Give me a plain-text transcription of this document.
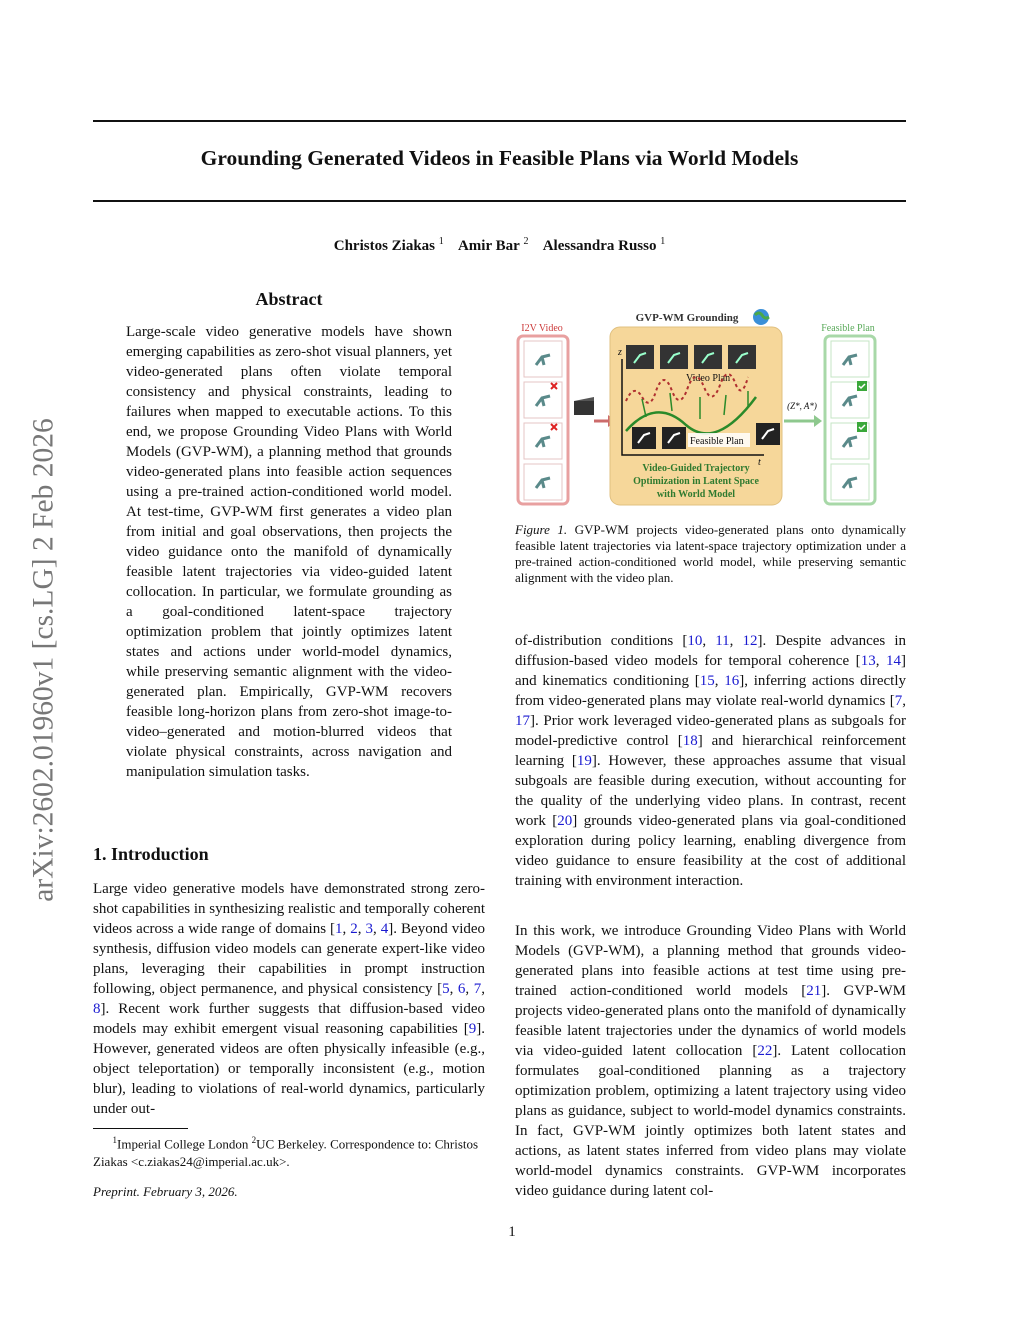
arXiv:2602.01960v1 [cs.LG] 2 Feb 2026
Grounding Generated Videos in Feasible Plans via World Models
Christos Ziakas $^1$ Amir Bar $^2$ Alessandra Russo $^1$
Abstract

Large-scale video generative models have shown emerging capabilities as zero-shot visual planners, yet video-generated plans often violate temporal consistency and physical constraints, leading to failures when mapped to executable actions. To this end, we propose Grounding Video Plans with World Models (GVP-WM), a planning method that grounds video-generated plans into feasible action sequences using a pre-trained action-conditioned world model. At test-time, GVP-WM first generates a video plan from initial and goal observations, then projects the video guidance onto the manifold of dynamically feasible latent trajectories via video-guided latent collocation. In particular, we formulate grounding as a goal-conditioned latent-space trajectory optimization problem that jointly optimizes latent states and actions under world-model dynamics, while preserving semantic alignment with the video-generated plan. Empirically, GVP-WM recovers feasible long-horizon plans from zero-shot image-to-video–generated and motion-blurred videos that violate physical constraints, across navigation and manipulation simulation tasks.

I2V Video
GVP-WM Grounding
z
t
Video Plan
Feasible Plan
Video-Guided Trajectory
Optimization in Latent Space
with World Model
(Z*, A*)
Feasible Plan
Figure 1. GVP-WM projects video-generated plans onto dynamically feasible latent trajectories via latent-space trajectory optimization under a pre-trained action-conditioned world model, while preserving semantic alignment with the video plan.
1. Introduction

Large video generative models have demonstrated strong zero-shot capabilities in synthesizing realistic and temporally coherent videos across a wide range of domains [1, 2, 3, 4]. Beyond video synthesis, diffusion video models can generate expert-like video plans, leveraging their capabilities in prompt instruction following, object permanence, and physical consistency [5, 6, 7, 8]. Recent work further suggests that diffusion-based video models may exhibit emergent visual reasoning capabilities [9]. However, generated videos are often physically infeasible (e.g., object teleportation) or temporally inconsistent (e.g., motion blur), leading to violations of real-world dynamics, particularly under out-

of-distribution conditions [10, 11, 12]. Despite advances in diffusion-based video models for temporal coherence [13, 14] and kinematics conditioning [15, 16], inferring actions directly from video-generated plans may violate real-world dynamics [7, 17]. Prior work leveraged video-generated plans as subgoals for model-predictive control [18] and hierarchical reinforcement learning [19]. However, these approaches assume that visual subgoals are feasible during execution, without accounting for the quality of the underlying video plans. In contrast, recent work [20] grounds video-generated plans via goal-conditioned exploration during policy learning, enabling divergence from video guidance to ensure feasibility at the cost of additional training with environment interaction.

In this work, we introduce Grounding Video Plans with World Models (GVP-WM), a planning method that grounds video-generated plans into feasible actions at test time using pre-trained action-conditioned world models [21]. GVP-WM projects video-generated plans onto the manifold of dynamically feasible latent trajectories under the dynamics of world models via video-guided latent collocation [22]. Latent collocation formulates goal-conditioned planning as a trajectory optimization problem, optimizing a latent trajectory using video plans as guidance, subject to world-model dynamics constraints. In fact, GVP-WM jointly optimizes both latent states and actions, as latent states inferred from video plans may violate world-model dynamics constraints. GVP-WM incorporates video guidance during latent col-

$^1$Imperial College London $^2$UC Berkeley. Correspondence to: Christos Ziakas <c.ziakas24@imperial.ac.uk>.
Preprint. February 3, 2026.
1
